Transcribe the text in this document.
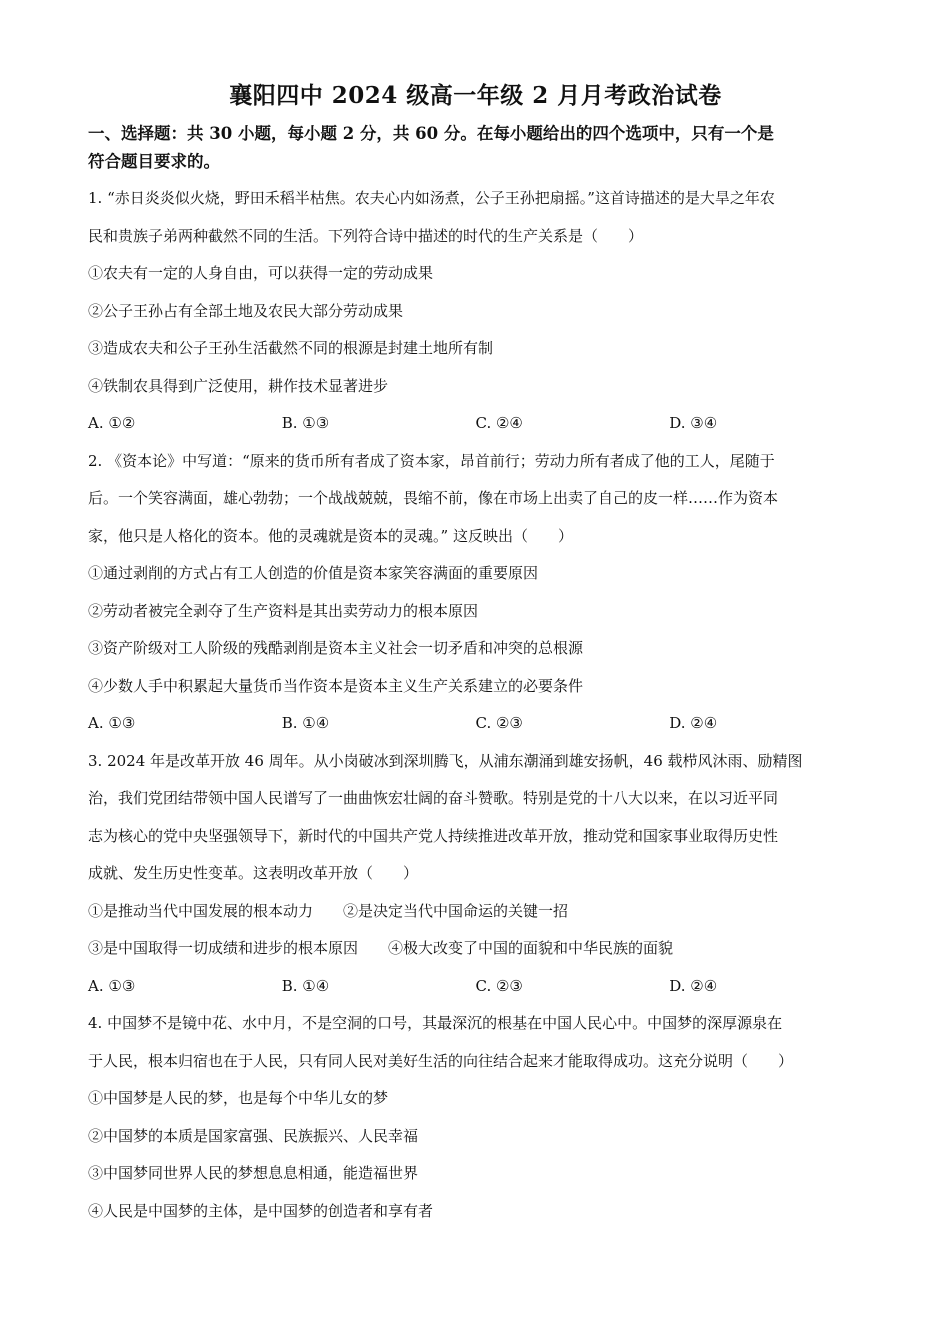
襄阳四中 2024 级高一年级 2 月月考政治试卷
一、选择题：共 30 小题，每小题 2 分，共 60 分。在每小题给出的四个选项中，只有一个是
符合题目要求的。
1. “赤日炎炎似火烧，野田禾稻半枯焦。农夫心内如汤煮，公子王孙把扇摇。”这首诗描述的是大旱之年农
民和贵族子弟两种截然不同的生活。下列符合诗中描述的时代的生产关系是（　　）
①农夫有一定的人身自由，可以获得一定的劳动成果
②公子王孙占有全部土地及农民大部分劳动成果
③造成农夫和公子王孙生活截然不同的根源是封建土地所有制
④铁制农具得到广泛使用，耕作技术显著进步
A. ①②	B. ①③	C. ②④	D. ③④
2. 《资本论》中写道：“原来的货币所有者成了资本家，昂首前行；劳动力所有者成了他的工人，尾随于
后。一个笑容满面，雄心勃勃；一个战战兢兢，畏缩不前，像在市场上出卖了自己的皮一样……作为资本
家，他只是人格化的资本。他的灵魂就是资本的灵魂。” 这反映出（　　）
①通过剥削的方式占有工人创造的价值是资本家笑容满面的重要原因
②劳动者被完全剥夺了生产资料是其出卖劳动力的根本原因
③资产阶级对工人阶级的残酷剥削是资本主义社会一切矛盾和冲突的总根源
④少数人手中积累起大量货币当作资本是资本主义生产关系建立的必要条件
A. ①③	B. ①④	C. ②③	D. ②④
3. 2024 年是改革开放 46 周年。从小岗破冰到深圳腾飞，从浦东潮涌到雄安扬帆，46 载栉风沐雨、励精图
治，我们党团结带领中国人民谱写了一曲曲恢宏壮阔的奋斗赞歌。特别是党的十八大以来，在以习近平同
志为核心的党中央坚强领导下，新时代的中国共产党人持续推进改革开放，推动党和国家事业取得历史性
成就、发生历史性变革。这表明改革开放（　　）
①是推动当代中国发展的根本动力 ②是决定当代中国命运的关键一招
③是中国取得一切成绩和进步的根本原因 ④极大改变了中国的面貌和中华民族的面貌
A. ①③	B. ①④	C. ②③	D. ②④
4. 中国梦不是镜中花、水中月，不是空洞的口号，其最深沉的根基在中国人民心中。中国梦的深厚源泉在
于人民，根本归宿也在于人民，只有同人民对美好生活的向往结合起来才能取得成功。这充分说明（　　）
①中国梦是人民的梦，也是每个中华儿女的梦
②中国梦的本质是国家富强、民族振兴、人民幸福
③中国梦同世界人民的梦想息息相通，能造福世界
④人民是中国梦的主体，是中国梦的创造者和享有者
